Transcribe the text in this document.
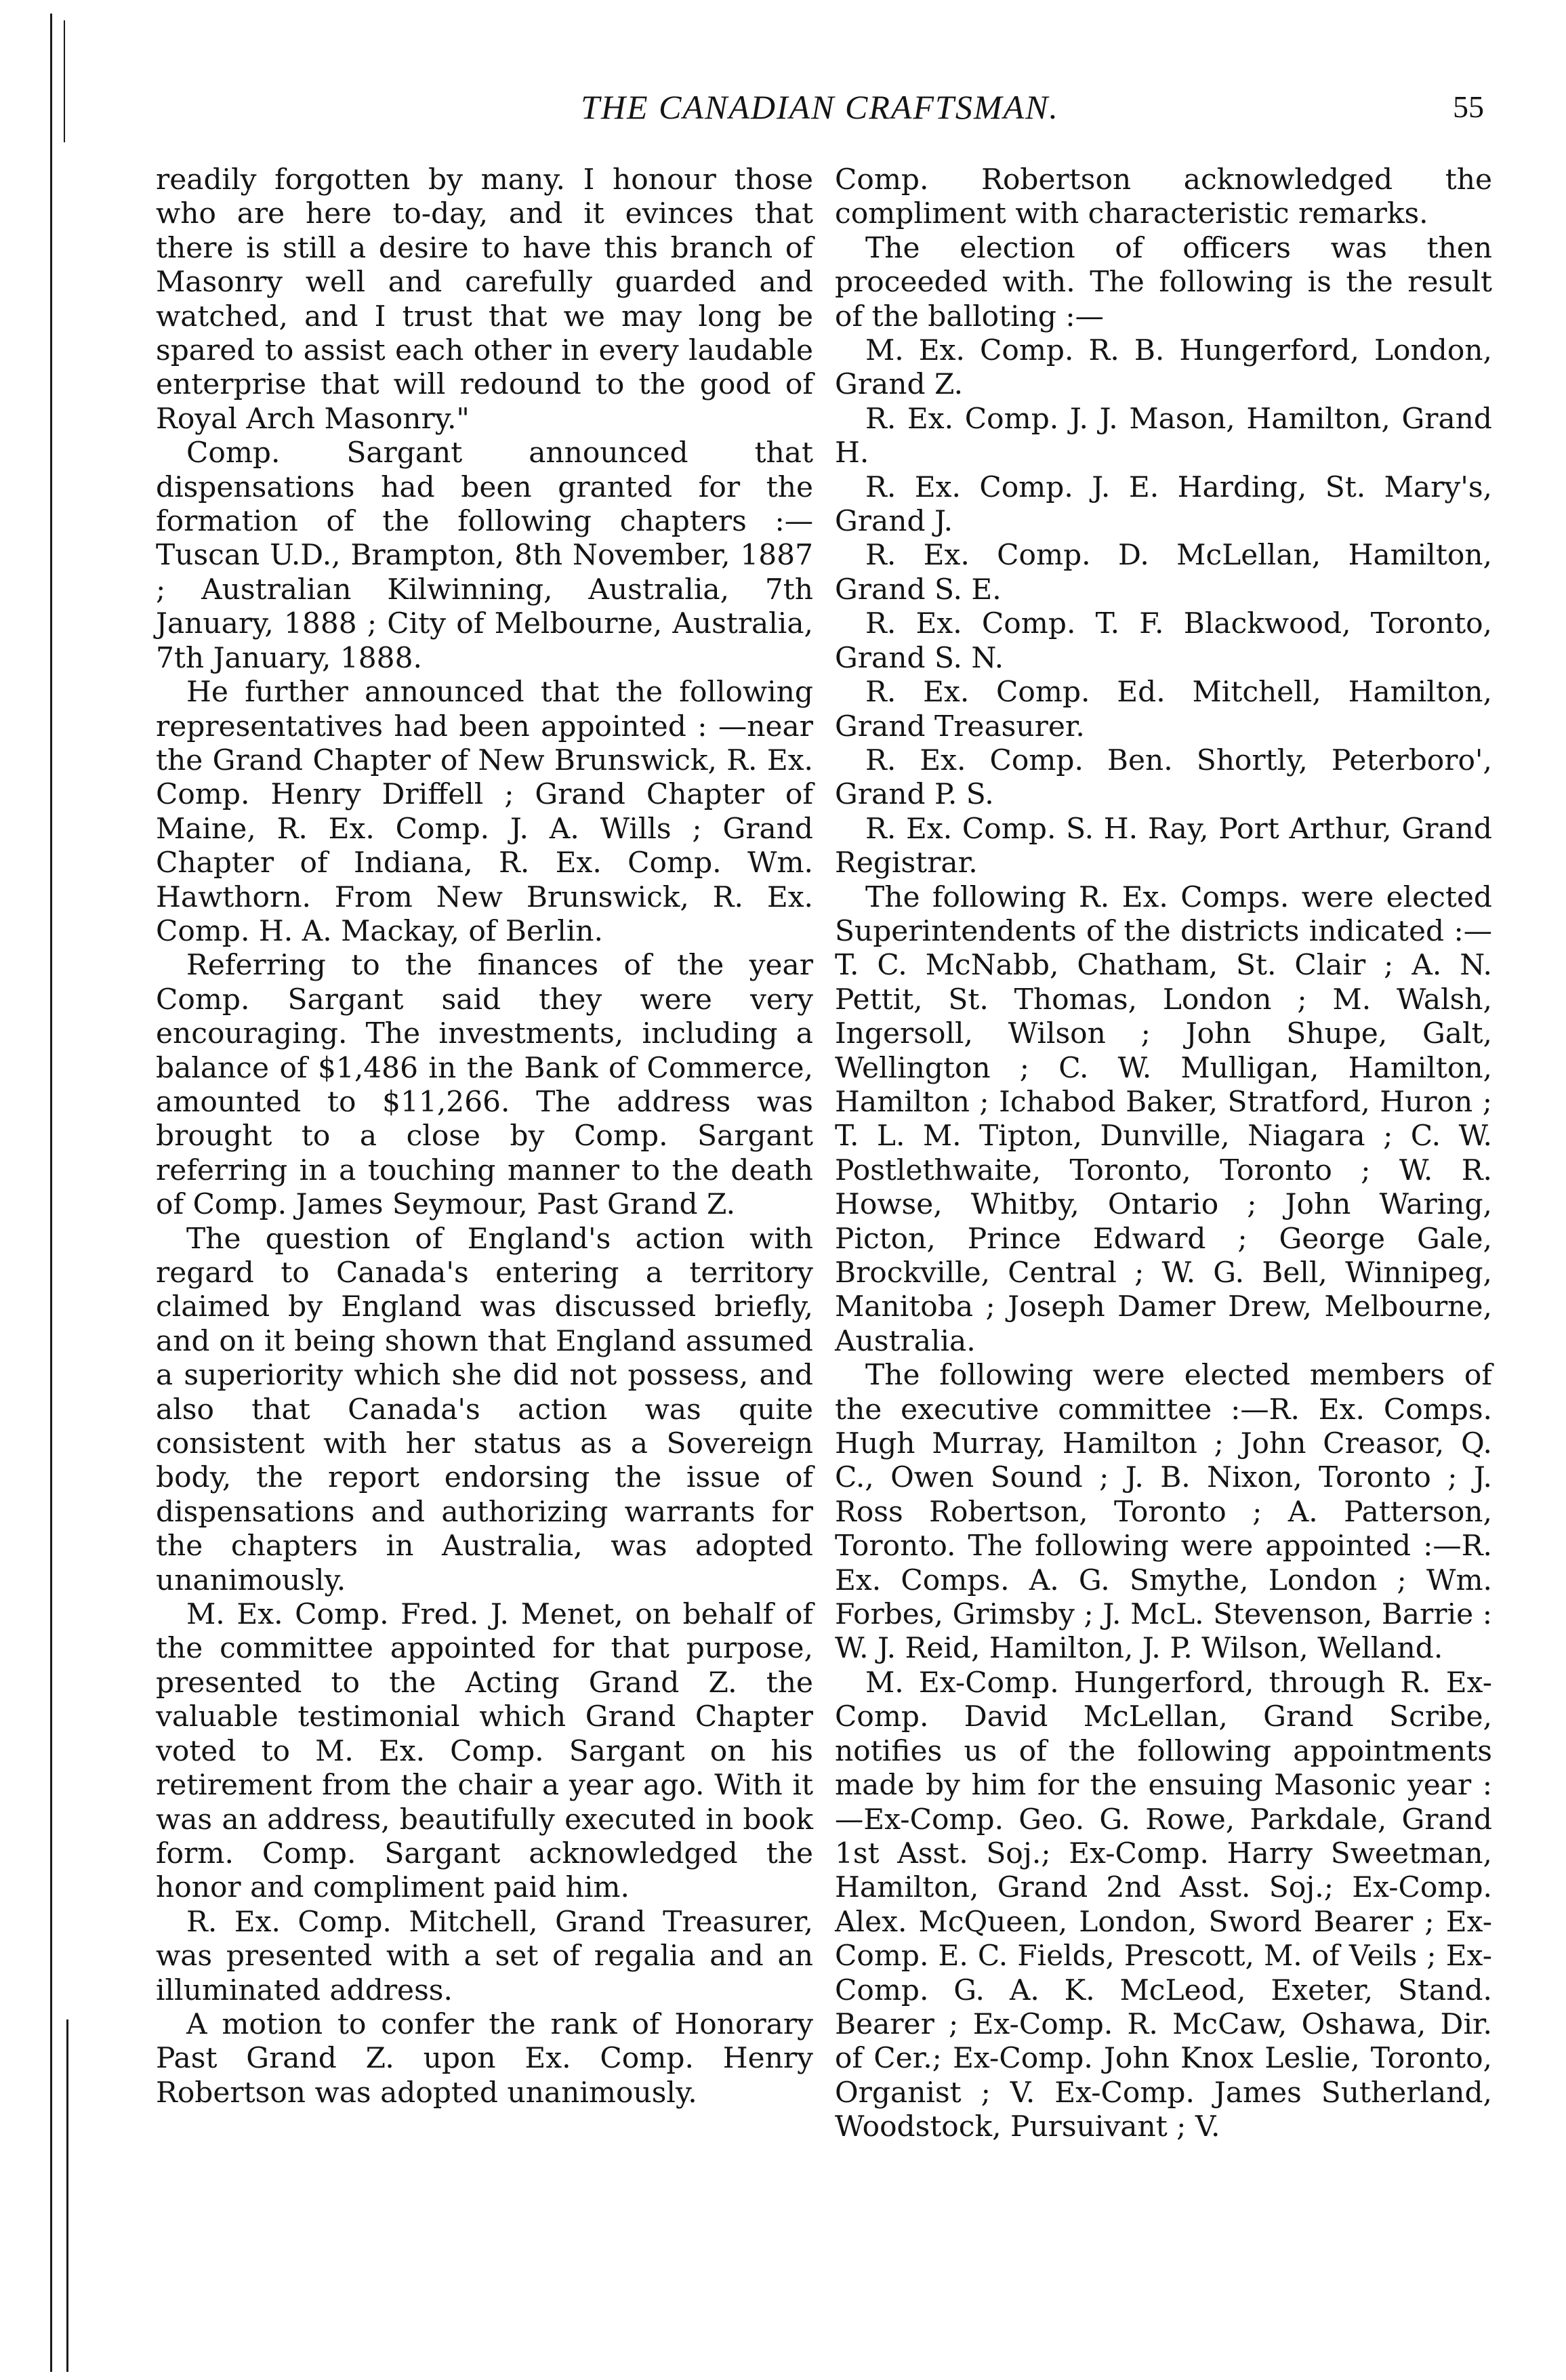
THE CANADIAN CRAFTSMAN.	55

readily forgotten by many. I honour those who are here to-day, and it evinces that there is still a desire to have this branch of Masonry well and carefully guarded and watched, and I trust that we may long be spared to assist each other in every laudable enterprise that will redound to the good of Royal Arch Masonry."

Comp. Sargant announced that dispensations had been granted for the formation of the following chapters :—Tuscan U.D., Brampton, 8th November, 1887 ; Australian Kilwinning, Australia, 7th January, 1888 ; City of Melbourne, Australia, 7th January, 1888.

He further announced that the following representatives had been appointed : —near the Grand Chapter of New Brunswick, R. Ex. Comp. Henry Driffell ; Grand Chapter of Maine, R. Ex. Comp. J. A. Wills ; Grand Chapter of Indiana, R. Ex. Comp. Wm. Hawthorn. From New Brunswick, R. Ex. Comp. H. A. Mackay, of Berlin.

Referring to the finances of the year Comp. Sargant said they were very encouraging. The investments, including a balance of $1,486 in the Bank of Commerce, amounted to $11,266. The address was brought to a close by Comp. Sargant referring in a touching manner to the death of Comp. James Seymour, Past Grand Z.

The question of England's action with regard to Canada's entering a territory claimed by England was discussed briefly, and on it being shown that England assumed a superiority which she did not possess, and also that Canada's action was quite consistent with her status as a Sovereign body, the report endorsing the issue of dispensations and authorizing warrants for the chapters in Australia, was adopted unanimously.

M. Ex. Comp. Fred. J. Menet, on behalf of the committee appointed for that purpose, presented to the Acting Grand Z. the valuable testimonial which Grand Chapter voted to M. Ex. Comp. Sargant on his retirement from the chair a year ago. With it was an address, beautifully executed in book form. Comp. Sargant acknowledged the honor and compliment paid him.

R. Ex. Comp. Mitchell, Grand Treasurer, was presented with a set of regalia and an illuminated address.

A motion to confer the rank of Honorary Past Grand Z. upon Ex. Comp. Henry Robertson was adopted unanimously.

Comp. Robertson acknowledged the compliment with characteristic remarks.

The election of officers was then proceeded with. The following is the result of the balloting :—

M. Ex. Comp. R. B. Hungerford, London, Grand Z.

R. Ex. Comp. J. J. Mason, Hamilton, Grand H.

R. Ex. Comp. J. E. Harding, St. Mary's, Grand J.

R. Ex. Comp. D. McLellan, Hamilton, Grand S. E.

R. Ex. Comp. T. F. Blackwood, Toronto, Grand S. N.

R. Ex. Comp. Ed. Mitchell, Hamilton, Grand Treasurer.

R. Ex. Comp. Ben. Shortly, Peterboro', Grand P. S.

R. Ex. Comp. S. H. Ray, Port Arthur, Grand Registrar.

The following R. Ex. Comps. were elected Superintendents of the districts indicated :—T. C. McNabb, Chatham, St. Clair ; A. N. Pettit, St. Thomas, London ; M. Walsh, Ingersoll, Wilson ; John Shupe, Galt, Wellington ; C. W. Mulligan, Hamilton, Hamilton ; Ichabod Baker, Stratford, Huron ; T. L. M. Tipton, Dunville, Niagara ; C. W. Postlethwaite, Toronto, Toronto ; W. R. Howse, Whitby, Ontario ; John Waring, Picton, Prince Edward ; George Gale, Brockville, Central ; W. G. Bell, Winnipeg, Manitoba ; Joseph Damer Drew, Melbourne, Australia.

The following were elected members of the executive committee :—R. Ex. Comps. Hugh Murray, Hamilton ; John Creasor, Q. C., Owen Sound ; J. B. Nixon, Toronto ; J. Ross Robertson, Toronto ; A. Patterson, Toronto. The following were appointed :—R. Ex. Comps. A. G. Smythe, London ; Wm. Forbes, Grimsby ; J. McL. Stevenson, Barrie : W. J. Reid, Hamilton, J. P. Wilson, Welland.

M. Ex-Comp. Hungerford, through R. Ex-Comp. David McLellan, Grand Scribe, notifies us of the following appointments made by him for the ensuing Masonic year :—Ex-Comp. Geo. G. Rowe, Parkdale, Grand 1st Asst. Soj.; Ex-Comp. Harry Sweetman, Hamilton, Grand 2nd Asst. Soj.; Ex-Comp. Alex. McQueen, London, Sword Bearer ; Ex-Comp. E. C. Fields, Prescott, M. of Veils ; Ex-Comp. G. A. K. McLeod, Exeter, Stand. Bearer ; Ex-Comp. R. McCaw, Oshawa, Dir. of Cer.; Ex-Comp. John Knox Leslie, Toronto, Organist ; V. Ex-Comp. James Sutherland, Woodstock, Pursuivant ; V.
